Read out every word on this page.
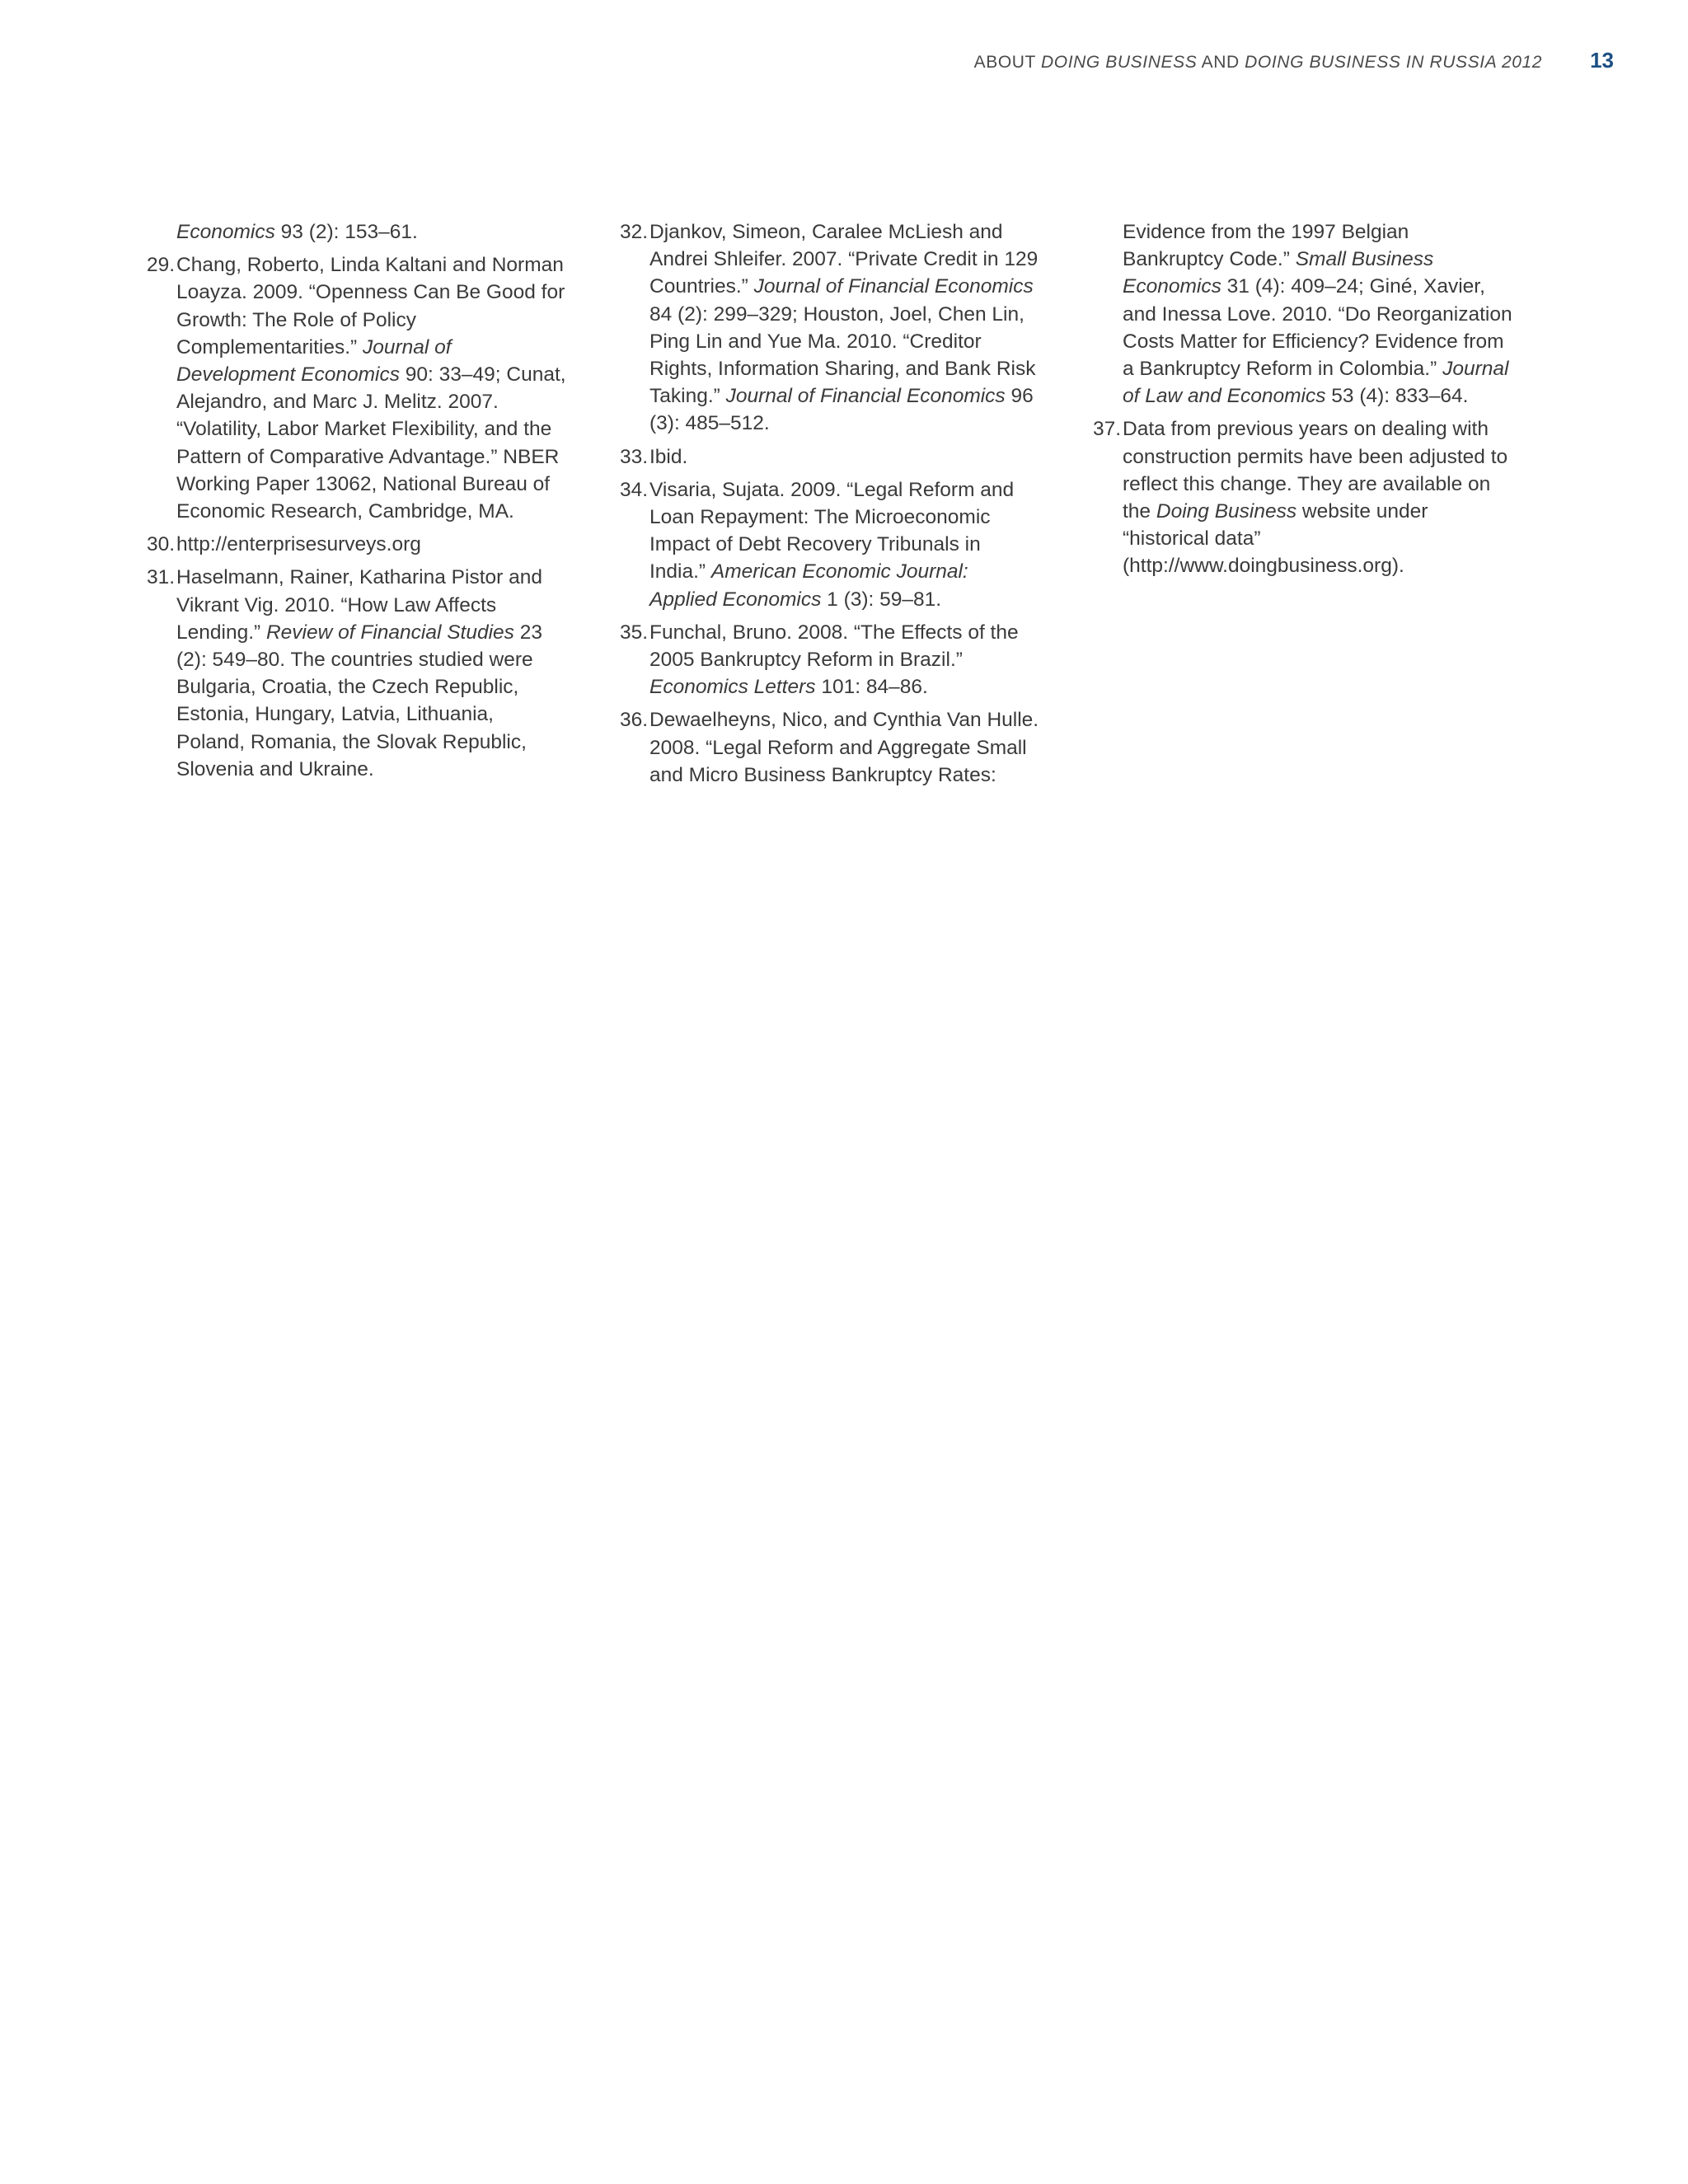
ABOUT DOING BUSINESS AND DOING BUSINESS IN RUSSIA 2012 13
Economics 93 (2): 153–61.
29. Chang, Roberto, Linda Kaltani and Norman Loayza. 2009. “Openness Can Be Good for Growth: The Role of Policy Complementarities.” Journal of Development Economics 90: 33–49; Cunat, Alejandro, and Marc J. Melitz. 2007. “Volatility, Labor Market Flexibility, and the Pattern of Comparative Advantage.” NBER Working Paper 13062, National Bureau of Economic Research, Cambridge, MA.
30. http://enterprisesurveys.org
31. Haselmann, Rainer, Katharina Pistor and Vikrant Vig. 2010. “How Law Affects Lending.” Review of Financial Studies 23 (2): 549–80. The countries studied were Bulgaria, Croatia, the Czech Republic, Estonia, Hungary, Latvia, Lithuania, Poland, Romania, the Slovak Republic, Slovenia and Ukraine.
32. Djankov, Simeon, Caralee McLiesh and Andrei Shleifer. 2007. “Private Credit in 129 Countries.” Journal of Financial Economics 84 (2): 299–329; Houston, Joel, Chen Lin, Ping Lin and Yue Ma. 2010. “Creditor Rights, Information Sharing, and Bank Risk Taking.” Journal of Financial Economics 96 (3): 485–512.
33. Ibid.
34. Visaria, Sujata. 2009. “Legal Reform and Loan Repayment: The Microeconomic Impact of Debt Recovery Tribunals in India.” American Economic Journal: Applied Economics 1 (3): 59–81.
35. Funchal, Bruno. 2008. “The Effects of the 2005 Bankruptcy Reform in Brazil.” Economics Letters 101: 84–86.
36. Dewaelheyns, Nico, and Cynthia Van Hulle. 2008. “Legal Reform and Aggregate Small and Micro Business Bankruptcy Rates:
Evidence from the 1997 Belgian Bankruptcy Code.” Small Business Economics 31 (4): 409–24; Giné, Xavier, and Inessa Love. 2010. “Do Reorganization Costs Matter for Efficiency? Evidence from a Bankruptcy Reform in Colombia.” Journal of Law and Economics 53 (4): 833–64.
37. Data from previous years on dealing with construction permits have been adjusted to reflect this change. They are available on the Doing Business website under “historical data” (http://www.doingbusiness.org).
